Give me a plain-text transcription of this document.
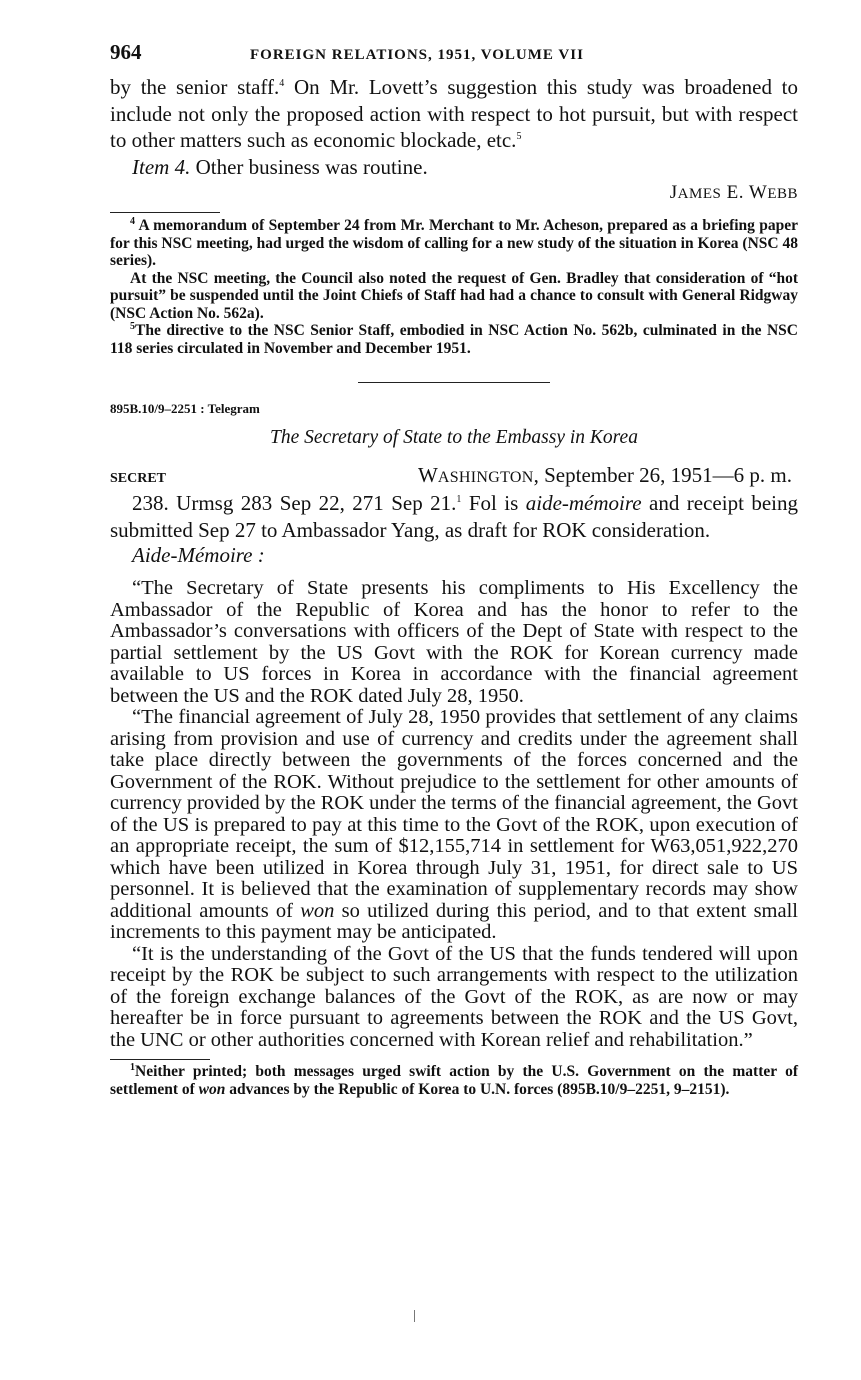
964	FOREIGN RELATIONS, 1951, VOLUME VII

by the senior staff.$^4$ On Mr. Lovett’s suggestion this study was broadened to include not only the proposed action with respect to hot pursuit, but with respect to other matters such as economic blockade, etc.$^5$

Item 4. Other business was routine.

JAMES E. WEBB

$^4$ A memorandum of September 24 from Mr. Merchant to Mr. Acheson, prepared as a briefing paper for this NSC meeting, had urged the wisdom of calling for a new study of the situation in Korea (NSC 48 series).

At the NSC meeting, the Council also noted the request of Gen. Bradley that consideration of “hot pursuit” be suspended until the Joint Chiefs of Staff had had a chance to consult with General Ridgway (NSC Action No. 562a).

$^5$The directive to the NSC Senior Staff, embodied in NSC Action No. 562b, culminated in the NSC 118 series circulated in November and December 1951.

895B.10/9–2251 : Telegram
The Secretary of State to the Embassy in Korea
SECRET	WASHINGTON, September 26, 1951—6 p. m.

238. Urmsg 283 Sep 22, 271 Sep 21.$^1$ Fol is aide-mémoire and receipt being submitted Sep 27 to Ambassador Yang, as draft for ROK consideration.

Aide-Mémoire :

“The Secretary of State presents his compliments to His Excellency the Ambassador of the Republic of Korea and has the honor to refer to the Ambassador’s conversations with officers of the Dept of State with respect to the partial settlement by the US Govt with the ROK for Korean currency made available to US forces in Korea in accordance with the financial agreement between the US and the ROK dated July 28, 1950.

“The financial agreement of July 28, 1950 provides that settlement of any claims arising from provision and use of currency and credits under the agreement shall take place directly between the governments of the forces concerned and the Government of the ROK. Without prejudice to the settlement for other amounts of currency provided by the ROK under the terms of the financial agreement, the Govt of the US is prepared to pay at this time to the Govt of the ROK, upon execution of an appropriate receipt, the sum of $12,155,714 in settlement for W63,051,922,270 which have been utilized in Korea through July 31, 1951, for direct sale to US personnel. It is believed that the examination of supplementary records may show additional amounts of won so utilized during this period, and to that extent small increments to this payment may be anticipated.

“It is the understanding of the Govt of the US that the funds tendered will upon receipt by the ROK be subject to such arrangements with respect to the utilization of the foreign exchange balances of the Govt of the ROK, as are now or may hereafter be in force pursuant to agreements between the ROK and the US Govt, the UNC or other authorities concerned with Korean relief and rehabilitation.”

$^1$Neither printed; both messages urged swift action by the U.S. Government on the matter of settlement of won advances by the Republic of Korea to U.N. forces (895B.10/9–2251, 9–2151).
